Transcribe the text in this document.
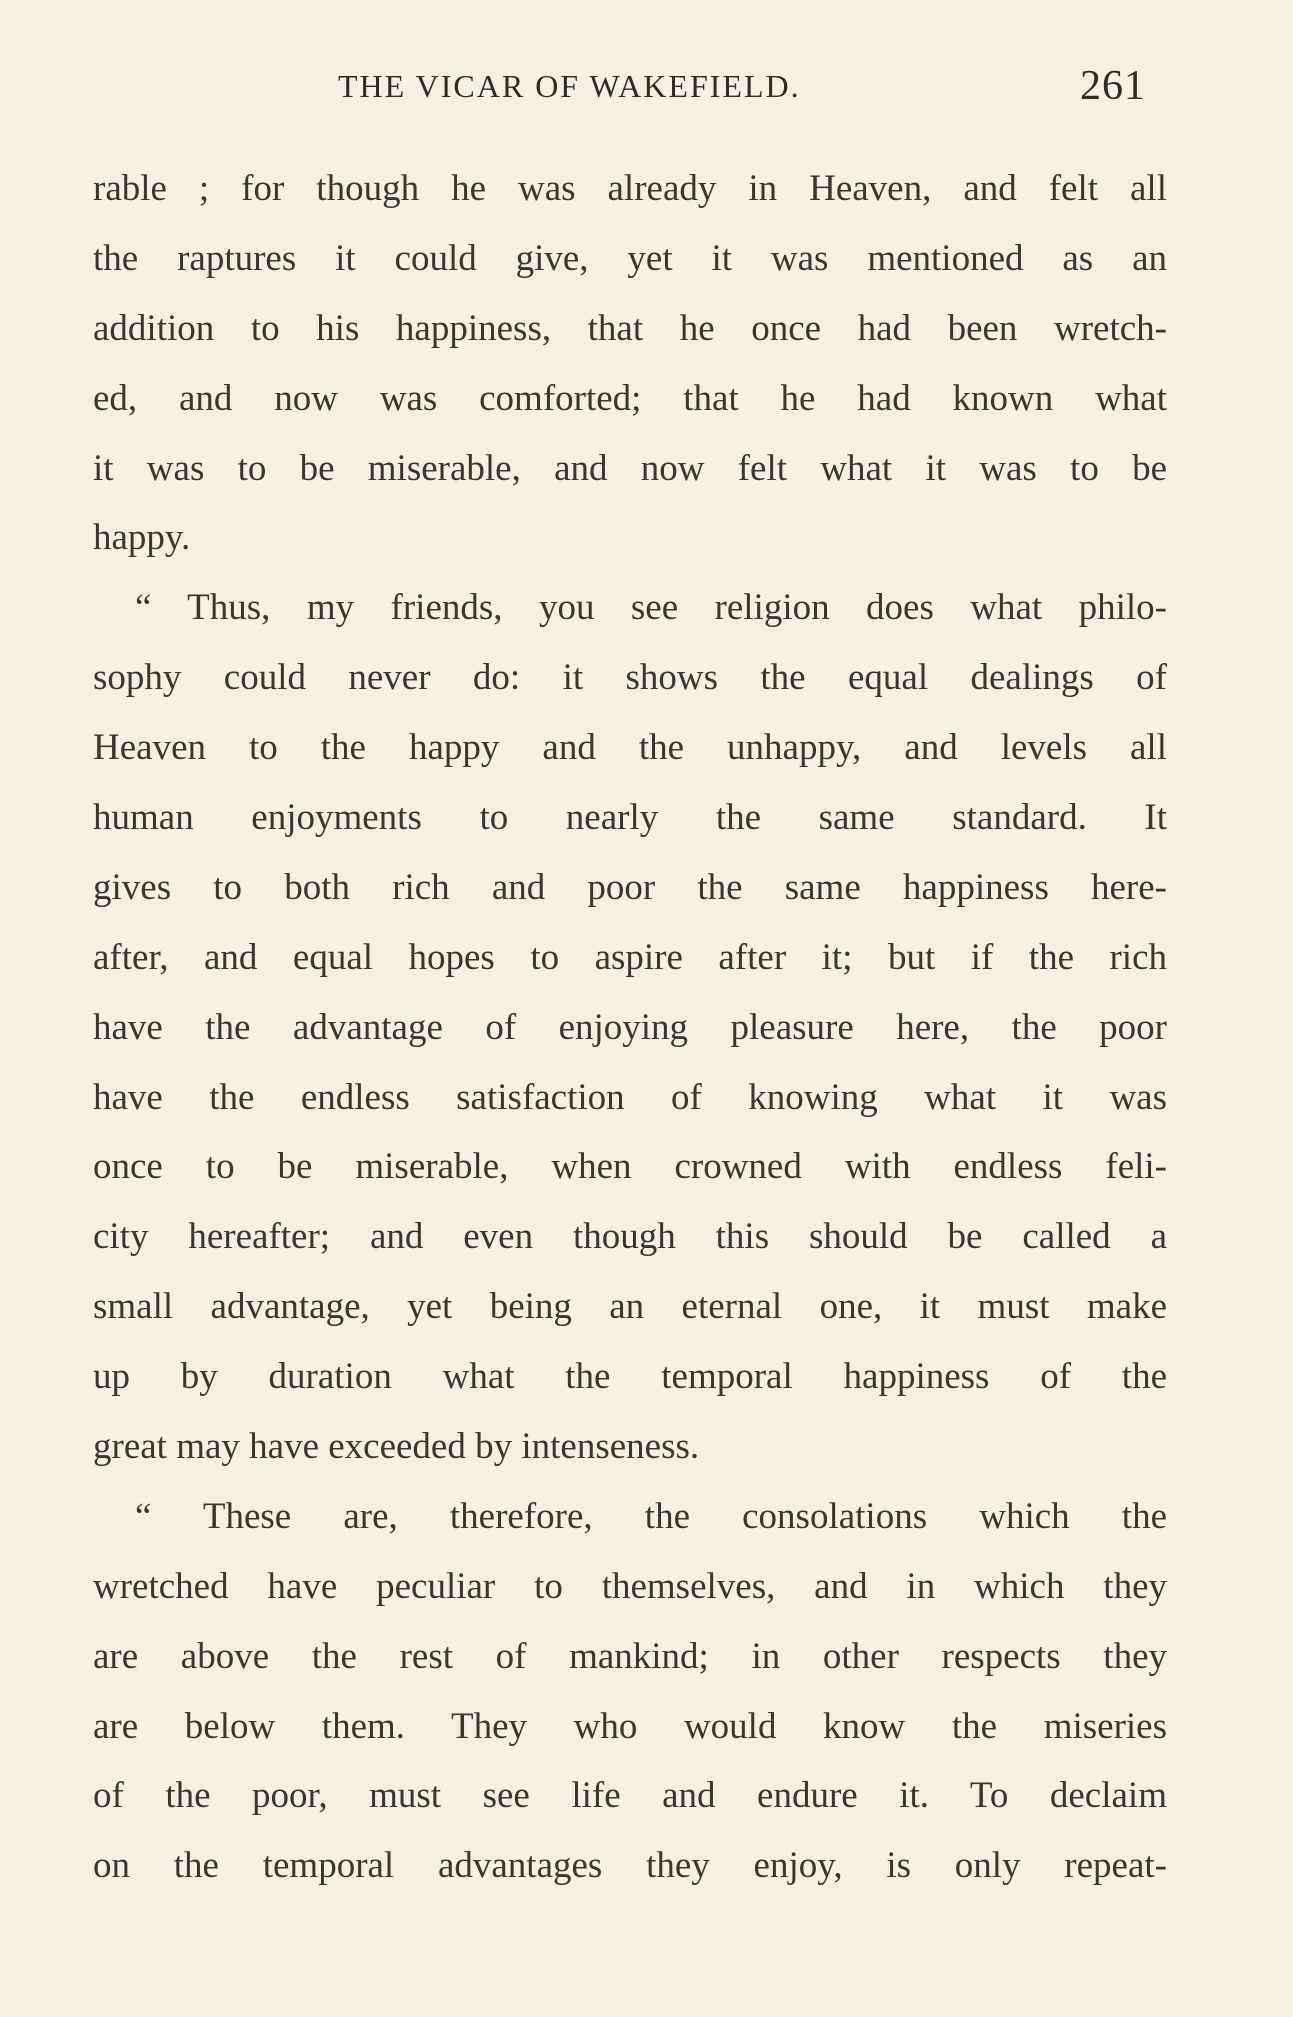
THE VICAR OF WAKEFIELD.	261
rable ; for though he was already in Heaven, and felt all
the raptures it could give, yet it was mentioned as an
addition to his happiness, that he once had been wretch-
ed, and now was comforted; that he had known what
it was to be miserable, and now felt what it was to be
happy.
“ Thus, my friends, you see religion does what philo-
sophy could never do: it shows the equal dealings of
Heaven to the happy and the unhappy, and levels all
human enjoyments to nearly the same standard. It
gives to both rich and poor the same happiness here-
after, and equal hopes to aspire after it; but if the rich
have the advantage of enjoying pleasure here, the poor
have the endless satisfaction of knowing what it was
once to be miserable, when crowned with endless feli-
city hereafter; and even though this should be called a
small advantage, yet being an eternal one, it must make
up by duration what the temporal happiness of the
great may have exceeded by intenseness.
“ These are, therefore, the consolations which the
wretched have peculiar to themselves, and in which they
are above the rest of mankind; in other respects they
are below them. They who would know the miseries
of the poor, must see life and endure it. To declaim
on the temporal advantages they enjoy, is only repeat-
